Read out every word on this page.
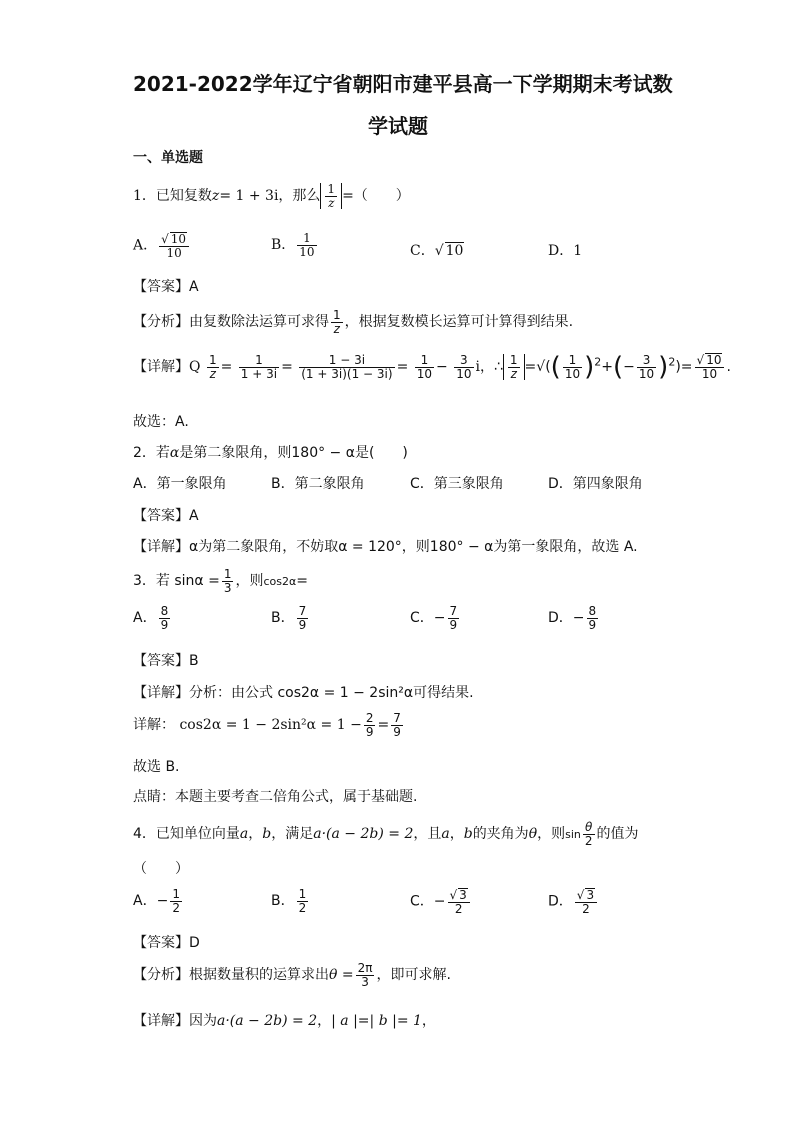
2021-2022学年辽宁省朝阳市建平县高一下学期期末考试数
学试题
一、单选题
1．已知复数z= 1 + 3i，那么 $\frac{1}{z}$ =（　　）
A． $\frac{√ 10}{10}$	B． $\frac{1}{10}$	C．√ 10	D．1
【答案】A
【分析】由复数除法运算可求得 $\frac{1}{z}$ ，根据复数模长运算可计算得到结果.
【详解】Q $\frac{1}{z} = \frac{1}{1 + 3i} = \frac{1 - 3i}{(1 + 3i)(1 - 3i)} = \frac{1}{10} - \frac{3}{10}$ i，∴ $\frac{1}{z}$ =√(( $\frac{1}{10} )^2+(- \frac{3}{10} )^2)= \frac{√ 10}{10}$ .
故选：A.
2．若α是第二象限角，则180° − α是(　　)
A．第一象限角	B．第二象限角	C．第三象限角	D．第四象限角
【答案】A
【详解】α为第二象限角，不妨取α = 120°，则180° − α为第一象限角，故选 A.
3．若 $\sin\alpha = \frac{1}{3}$ ，则cos2α=
A． $\frac{8}{9}$	B． $\frac{7}{9}$	C．− $\frac{7}{9}$	D．− $\frac{8}{9}$
【答案】B
【详解】分析：由公式 cos2α = 1 − 2sin²α可得结果.
详解： $\cos 2\alpha = 1 - 2\sin^2\alpha = 1 - \frac{2}{9} = \frac{7}{9}$
故选 B.
点睛：本题主要考查二倍角公式，属于基础题.
4．已知单位向量a，b，满足a·(a − 2b) = 2，且a，b的夹角为θ，则$\sin \frac{\theta}{2}$ 的值为
（　　）
A．− $\frac{1}{2}$	B． $\frac{1}{2}$	C．− $\frac{√ 3}{2}$	D． $\frac{√ 3}{2}$
【答案】D
【分析】根据数量积的运算求出$\theta = \frac{2\pi}{3}$ ，即可求解.
【详解】因为a·(a − 2b) = 2，| a |=| b |= 1，
